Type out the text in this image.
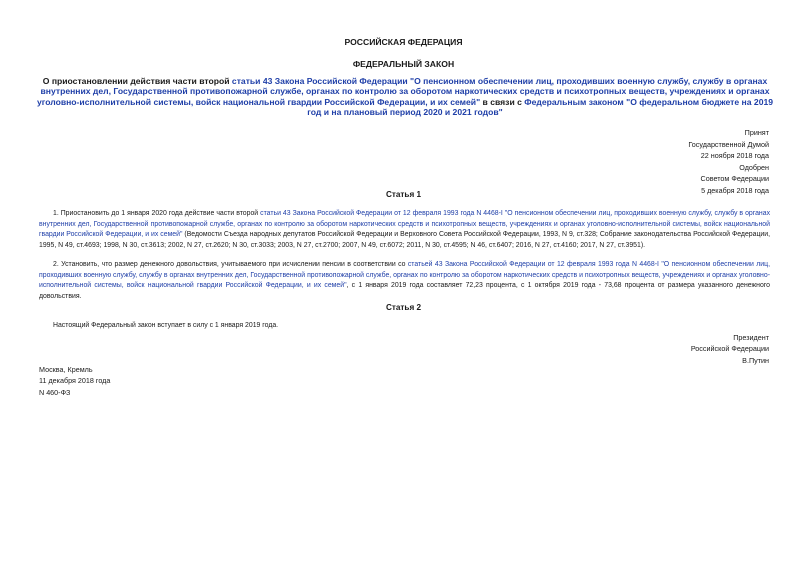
РОССИЙСКАЯ ФЕДЕРАЦИЯ
ФЕДЕРАЛЬНЫЙ ЗАКОН
О приостановлении действия части второй статьи 43 Закона Российской Федерации "О пенсионном обеспечении лиц, проходивших военную службу, службу в органах внутренних дел, Государственной противопожарной службе, органах по контролю за оборотом наркотических средств и психотропных веществ, учреждениях и органах уголовно-исполнительной системы, войск национальной гвардии Российской Федерации, и их семей" в связи с Федеральным законом "О федеральном бюджете на 2019 год и на плановый период 2020 и 2021 годов"
Принят
Государственной Думой
22 ноября 2018 года
Одобрен
Советом Федерации
5 декабря 2018 года
Статья 1
1. Приостановить до 1 января 2020 года действие части второй статьи 43 Закона Российской Федерации от 12 февраля 1993 года N 4468-I "О пенсионном обеспечении лиц, проходивших военную службу, службу в органах внутренних дел, Государственной противопожарной службе, органах по контролю за оборотом наркотических средств и психотропных веществ, учреждениях и органах уголовно-исполнительной системы, войск национальной гвардии Российской Федерации, и их семей" (Ведомости Съезда народных депутатов Российской Федерации и Верховного Совета Российской Федерации, 1993, N 9, ст.328; Собрание законодательства Российской Федерации, 1995, N 49, ст.4693; 1998, N 30, ст.3613; 2002, N 27, ст.2620; N 30, ст.3033; 2003, N 27, ст.2700; 2007, N 49, ст.6072; 2011, N 30, ст.4595; N 46, ст.6407; 2016, N 27, ст.4160; 2017, N 27, ст.3951).
2. Установить, что размер денежного довольствия, учитываемого при исчислении пенсии в соответствии со статьей 43 Закона Российской Федерации от 12 февраля 1993 года N 4468-I "О пенсионном обеспечении лиц, проходивших военную службу, службу в органах внутренних дел, Государственной противопожарной службе, органах по контролю за оборотом наркотических средств и психотропных веществ, учреждениях и органах уголовно-исполнительной системы, войск национальной гвардии Российской Федерации, и их семей", с 1 января 2019 года составляет 72,23 процента, с 1 октября 2019 года - 73,68 процента от размера указанного денежного довольствия.
Статья 2
Настоящий Федеральный закон вступает в силу с 1 января 2019 года.
Президент
Российской Федерации
В.Путин
Москва, Кремль
11 декабря 2018 года
N 460-ФЗ
